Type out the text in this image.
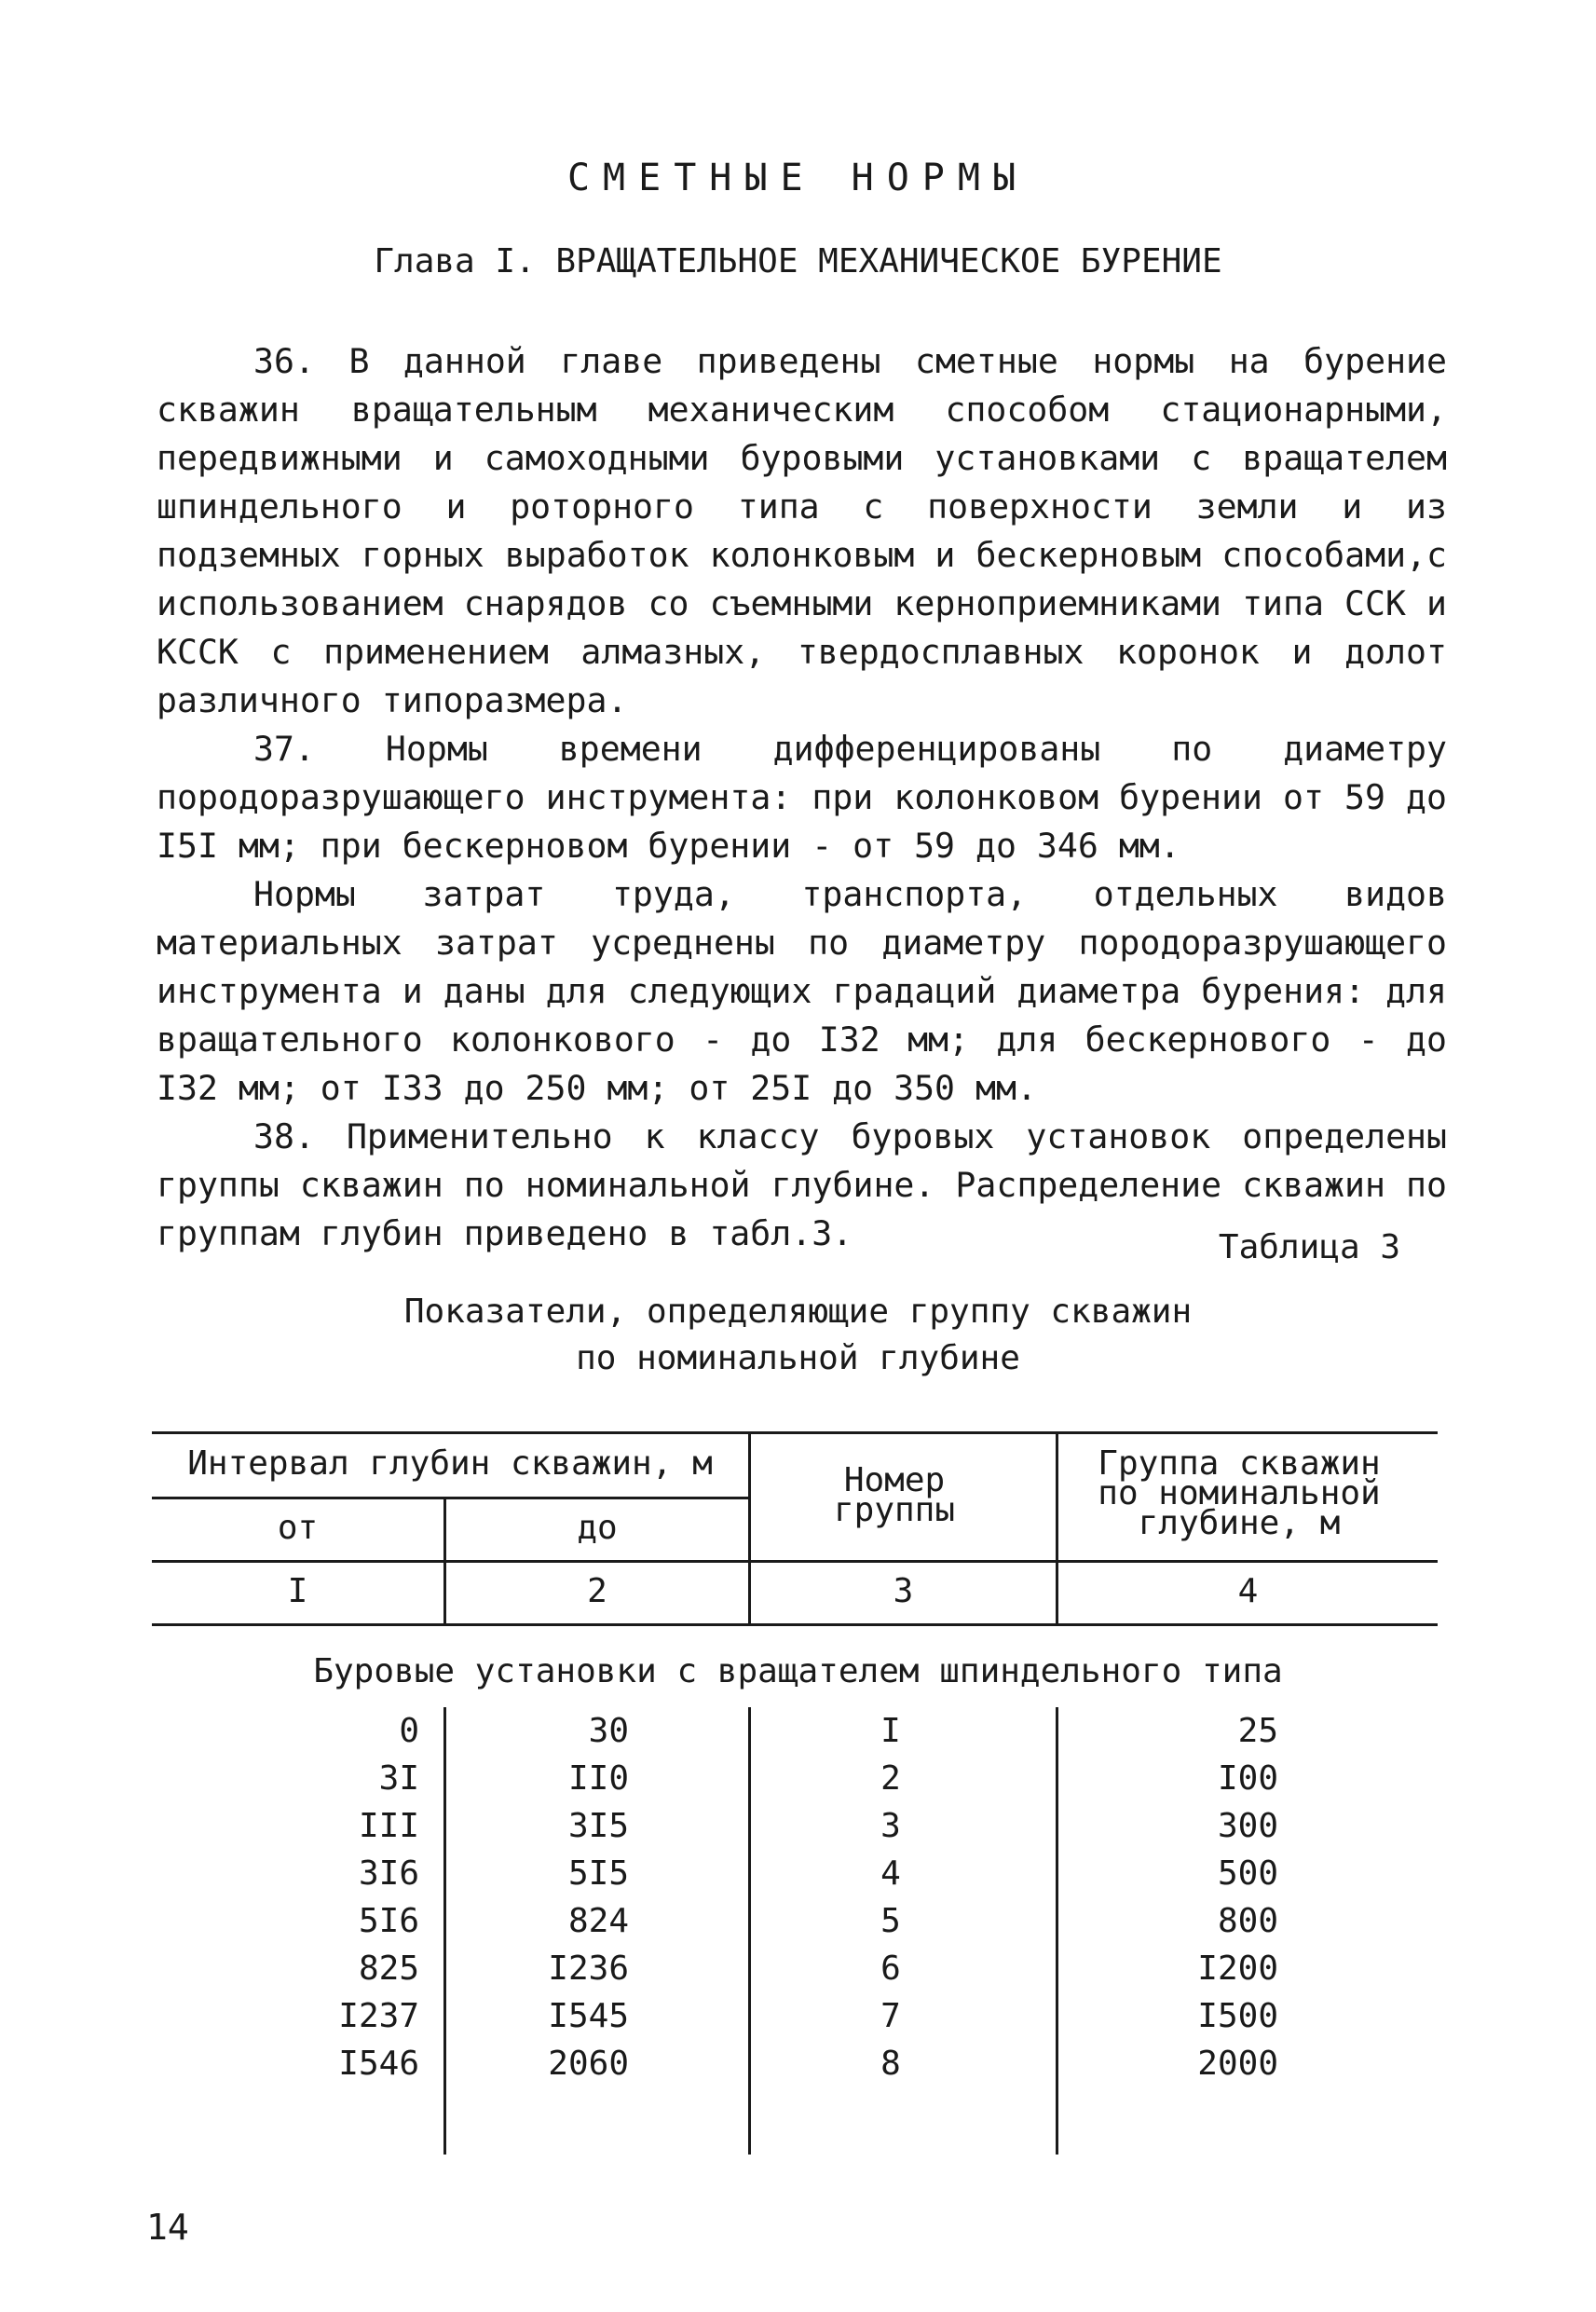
СМЕТНЫЕ НОРМЫ
Глава I. ВРАЩАТЕЛЬНОЕ МЕХАНИЧЕСКОЕ БУРЕНИЕ

36. В данной главе приведены сметные нормы на бурение скважин вращательным механическим способом стационарными, передвижными и самоходными буровыми установками с вращателем шпиндельного и роторного типа с поверхности земли и из подземных горных выработок колонковым и бескерновым способами,с использованием снарядов со съемными керноприемниками типа ССК и КССК с применением алмазных, твердосплавных коронок и долот различного типоразмера.

37. Нормы времени дифференцированы по диаметру породоразрушающего инструмента: при колонковом бурении от 59 до I5I мм; при бескерновом бурении - от 59 до 346 мм.

Нормы затрат труда, транспорта, отдельных видов материальных затрат усреднены по диаметру породоразрушающего инструмента и даны для следующих градаций диаметра бурения: для вращательного колонкового - до I32 мм; для бескернового - до I32 мм; от I33 до 250 мм; от 25I до 350 мм.

38. Применительно к классу буровых установок определены группы скважин по номинальной глубине. Распределение скважин по группам глубин приведено в табл.3.	Таблица 3
Показатели, определяющие группу скважин
по номинальной глубине
Интервал глубин скважин, м
от	до
Номер группы
Группа скважин по номинальной глубине, м
I	2	3	4
Буровые установки с вращателем шпиндельного типа
0	30	I	25
3I	II0	2	I00
III	3I5	3	300
3I6	5I5	4	500
5I6	824	5	800
825	I236	6	I200
I237	I545	7	I500
I546	2060	8	2000
14
